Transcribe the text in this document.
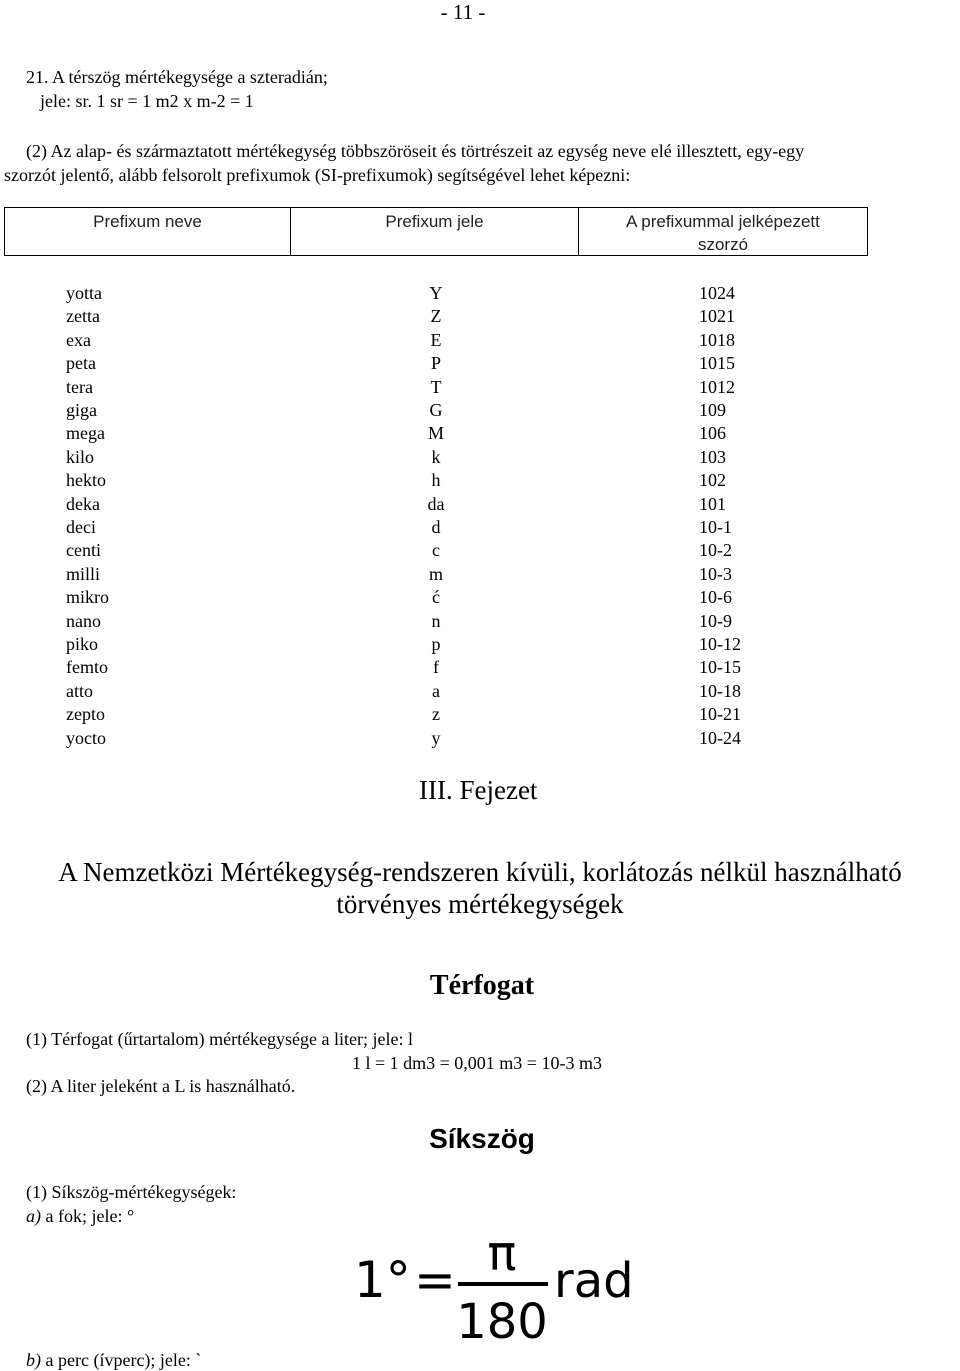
- 11 -
21. A térszög mértékegysége a szteradián;
jele: sr. 1 sr = 1 m2 x m-2 = 1
(2) Az alap- és származtatott mértékegység többszöröseit és törtrészeit az egység neve elé illesztett, egy-egy
szorzót jelentő, alább felsorolt prefixumok (SI-prefixumok) segítségével lehet képezni:
Prefixum neve	Prefixum jele	A prefixummal jelképezett szorzó
yotta	Y	1024
zetta	Z	1021
exa	E	1018
peta	P	1015
tera	T	1012
giga	G	109
mega	M	106
kilo	k	103
hekto	h	102
deka	da	101
deci	d	10-1
centi	c	10-2
milli	m	10-3
mikro	ć	10-6
nano	n	10-9
piko	p	10-12
femto	f	10-15
atto	a	10-18
zepto	z	10-21
yocto	y	10-24
III. Fejezet
A Nemzetközi Mértékegység-rendszeren kívüli, korlátozás nélkül használható törvényes mértékegységek
Térfogat
(1) Térfogat (űrtartalom) mértékegysége a liter; jele: l
1 l = 1 dm3 = 0,001 m3 = 10-3 m3
(2) A liter jeleként a L is használható.
Síkszög
(1) Síkszög-mértékegységek:
a) a fok; jele: °
1° = π
180
rad
b) a perc (ívperc); jele: `
